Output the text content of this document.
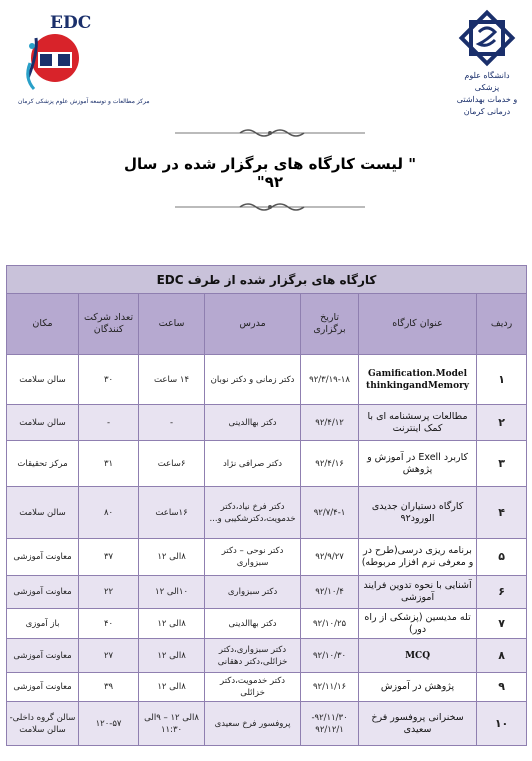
EDC
مرکز مطالعات و توسعه آموزش علوم پزشکی کرمان
دانشگاه علوم پزشکی
و خدمات بهداشتی درمانی کرمان
" لیست کارگاه های برگزار شده در سال ۹۲"
کارگاه های برگزار شده از طرف EDC						
ردیف	عنوان کارگاه	تاریخ برگزاری	مدرس	ساعت	تعداد شرکت کنندگان	مکان
۱	Gamification.Model thinkingandMemory	۹۲/۳/۱۹-۱۸	دکتر زمانی و دکتر نوبان	۱۴ ساعت	۳۰	سالن سلامت
۲	مطالعات پرسشنامه ای با کمک اینترنت	۹۲/۴/۱۲	دکتر بهاالدینی	-	-	سالن سلامت
۳	کاربرد Exell در آموزش و پژوهش	۹۲/۴/۱۶	دکتر صرافی نژاد	۶ساعت	۳۱	مرکز تحقیقات
۴	کارگاه دستیاران جدیدی الورود۹۲	۹۲/۷/۴-۱	دکتر فرخ نیاد،دکتر خدمویت،دکترشکیبی و...	۱۶ساعت	۸۰	سالن سلامت
۵	برنامه ریزی درسی(طرح در و معرفی نرم افزار مربوطه)	۹۲/۹/۲۷	دکتر نوحی – دکتر سبزواری	۸الی ۱۲	۳۷	معاونت آموزشی
۶	آشنایی با نحوه تدوین فرایند آموزشی	۹۲/۱۰/۴	دکتر سبزواری	۱۰الی ۱۲	۲۲	معاونت آموزشی
۷	تله مدیسین (پزشکی از راه دور)	۹۲/۱۰/۲۵	دکتر بهاالدینی	۸الی ۱۲	۴۰	باز آموزی
۸	MCQ	۹۲/۱۰/۳۰	دکتر سبزواری،دکتر خزائلی،دکتر دهقانی	۸الی ۱۲	۲۷	معاونت آموزشی
۹	پژوهش در آموزش	۹۲/۱۱/۱۶	دکتر خدمویت،دکتر خزائلی	۸الی ۱۲	۳۹	معاونت آموزشی
۱۰	سخنرانی پروفسور فرخ سعیدی	۹۲/۱۱/۳۰- ۹۲/۱۲/۱	پروفسور فرخ سعیدی	۸الی ۱۲ – ۹الی ۱۱:۳۰	۱۲۰-۵۷	سالن گروه داخلی-سالن سلامت
